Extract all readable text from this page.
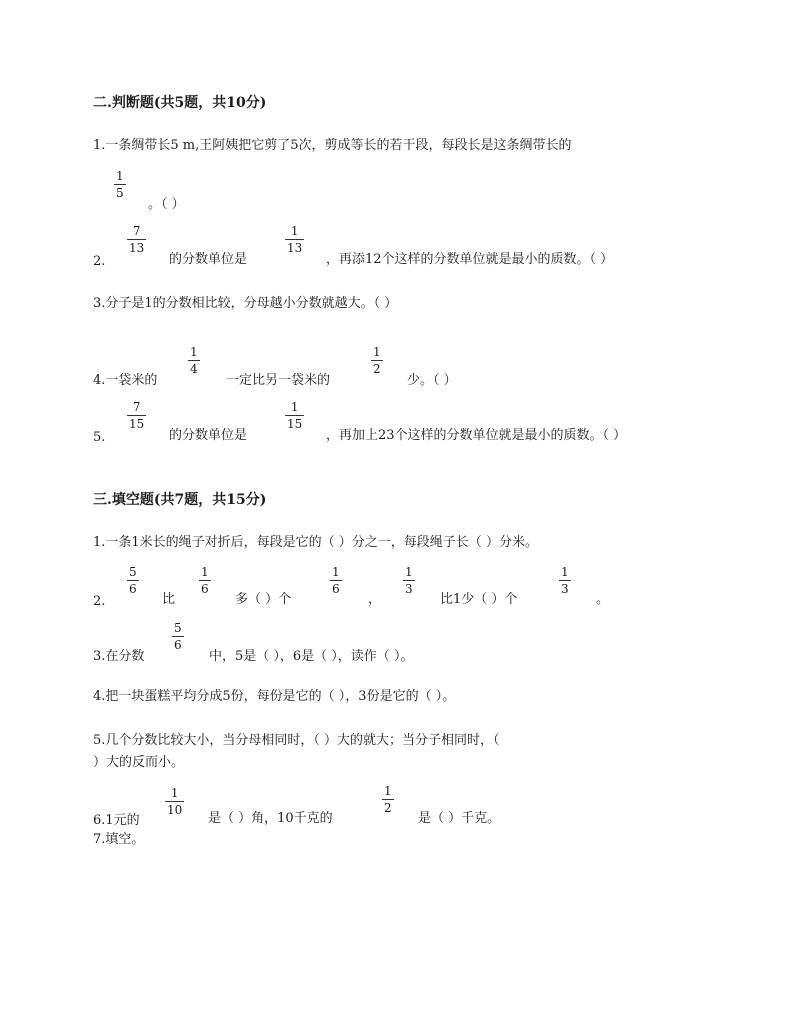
二.判断题(共5题，共10分)
1.一条绸带长5 m,王阿姨把它剪了5次，剪成等长的若干段，每段长是这条绸带长的
1
5
。（ ）
2.
7
13
的分数单位是
1
13
，再添12个这样的分数单位就是最小的质数。（ ）
3.分子是1的分数相比较，分母越小分数就越大。（ ）
4.一袋米的
1
4
一定比另一袋米的
1
2
少。（ ）
5.
7
15
的分数单位是
1
15
，再加上23个这样的分数单位就是最小的质数。（ ）
三.填空题(共7题，共15分)
1.一条1米长的绳子对折后，每段是它的（ ）分之一，每段绳子长（ ）分米。
2.
5
6
比
1
6
多（ ）个
1
6
，
1
3
比1少（ ）个
1
3
。
3.在分数
5
6
中，5是（ ），6是（ ），读作（ ）。
4.把一块蛋糕平均分成5份，每份是它的（ ），3份是它的（ ）。
5.几个分数比较大小，当分母相同时，（ ）大的就大；当分子相同时，（
）大的反而小。
6.1元的
1
10
是（ ）角，10千克的
1
2
是（ ）千克。
7.填空。
